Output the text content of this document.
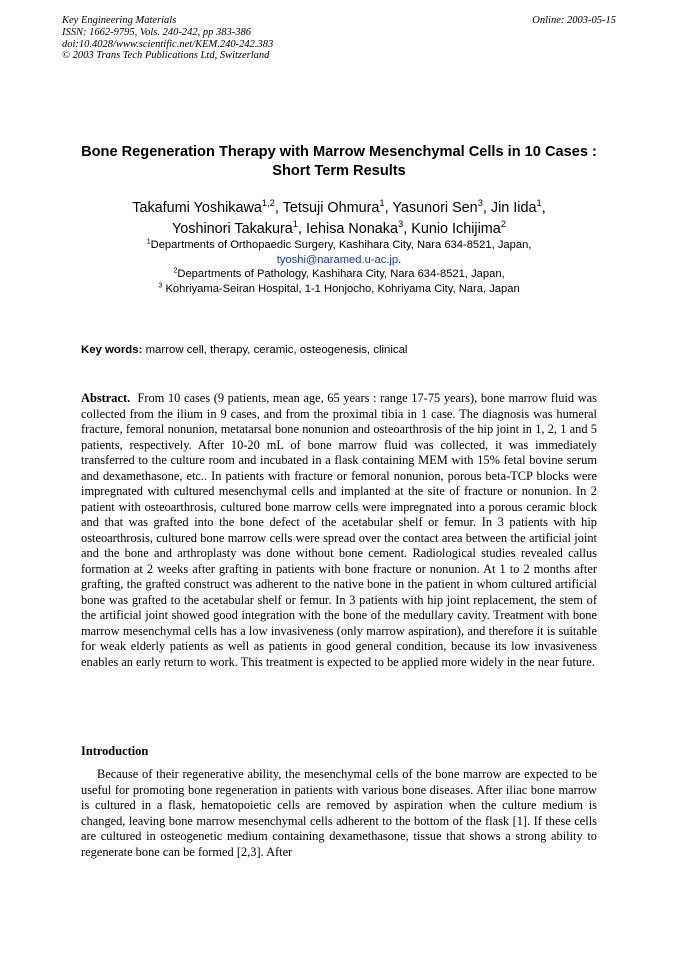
Key Engineering Materials
ISSN: 1662-9795, Vols. 240-242, pp 383-386
doi:10.4028/www.scientific.net/KEM.240-242.383
© 2003 Trans Tech Publications Ltd, Switzerland
Online: 2003-05-15
Bone Regeneration Therapy with Marrow Mesenchymal Cells in 10 Cases : Short Term Results
Takafumi Yoshikawa$^{1,2}$, Tetsuji Ohmura$^1$, Yasunori Sen$^3$, Jin Iida$^1$,
Yoshinori Takakura$^1$, Iehisa Nonaka$^3$, Kunio Ichijima$^2$
$^1$Departments of Orthopaedic Surgery, Kashihara City, Nara 634-8521, Japan,
tyoshi@naramed.u-ac.jp.
$^2$Departments of Pathology, Kashihara City, Nara 634-8521, Japan,
$^3$ Kohriyama-Seiran Hospital, 1-1 Honjocho, Kohriyama City, Nara, Japan
Key words: marrow cell, therapy, ceramic, osteogenesis, clinical

Abstract. From 10 cases (9 patients, mean age, 65 years : range 17-75 years), bone marrow fluid was collected from the ilium in 9 cases, and from the proximal tibia in 1 case. The diagnosis was humeral fracture, femoral nonunion, metatarsal bone nonunion and osteoarthrosis of the hip joint in 1, 2, 1 and 5 patients, respectively. After 10-20 mL of bone marrow fluid was collected, it was immediately transferred to the culture room and incubated in a flask containing MEM with 15% fetal bovine serum and dexamethasone, etc.. In patients with fracture or femoral nonunion, porous beta-TCP blocks were impregnated with cultured mesenchymal cells and implanted at the site of fracture or nonunion. In 2 patient with osteoarthrosis, cultured bone marrow cells were impregnated into a porous ceramic block and that was grafted into the bone defect of the acetabular shelf or femur. In 3 patients with hip osteoarthrosis, cultured bone marrow cells were spread over the contact area between the artificial joint and the bone and arthroplasty was done without bone cement. Radiological studies revealed callus formation at 2 weeks after grafting in patients with bone fracture or nonunion. At 1 to 2 months after grafting, the grafted construct was adherent to the native bone in the patient in whom cultured artificial bone was grafted to the acetabular shelf or femur. In 3 patients with hip joint replacement, the stem of the artificial joint showed good integration with the bone of the medullary cavity. Treatment with bone marrow mesenchymal cells has a low invasiveness (only marrow aspiration), and therefore it is suitable for weak elderly patients as well as patients in good general condition, because its low invasiveness enables an early return to work. This treatment is expected to be applied more widely in the near future.

Introduction

Because of their regenerative ability, the mesenchymal cells of the bone marrow are expected to be useful for promoting bone regeneration in patients with various bone diseases. After iliac bone marrow is cultured in a flask, hematopoietic cells are removed by aspiration when the culture medium is changed, leaving bone marrow mesenchymal cells adherent to the bottom of the flask [1]. If these cells are cultured in osteogenetic medium containing dexamethasone, tissue that shows a strong ability to regenerate bone can be formed [2,3]. After
